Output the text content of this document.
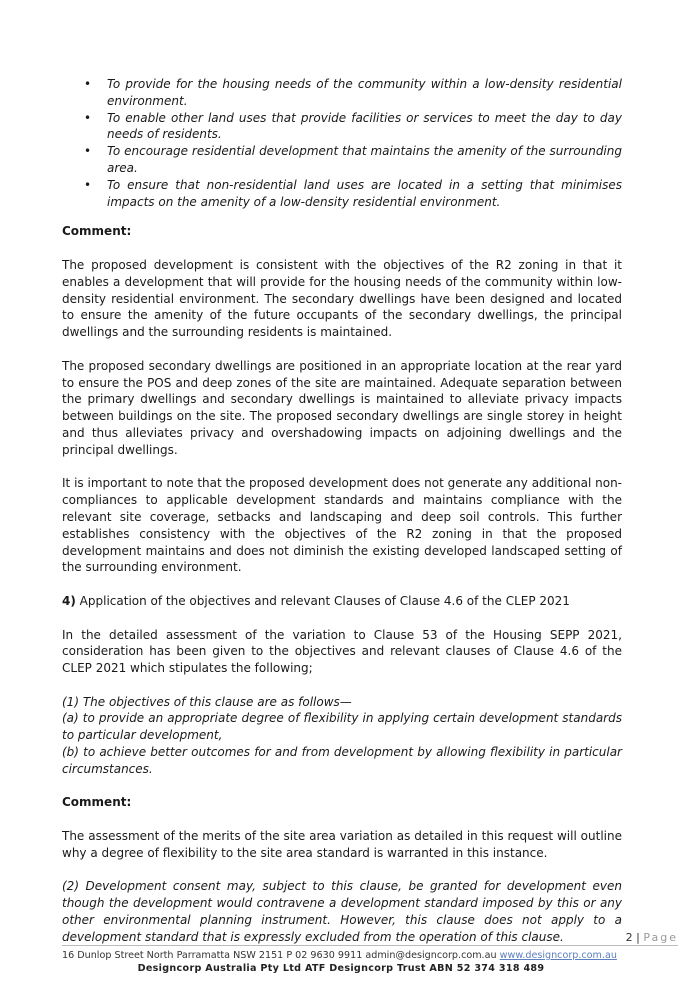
• To provide for the housing needs of the community within a low-density residential environment.
• To enable other land uses that provide facilities or services to meet the day to day needs of residents.
• To encourage residential development that maintains the amenity of the surrounding area.
• To ensure that non-residential land uses are located in a setting that minimises impacts on the amenity of a low-density residential environment.

Comment:

The proposed development is consistent with the objectives of the R2 zoning in that it enables a development that will provide for the housing needs of the community within low-density residential environment. The secondary dwellings have been designed and located to ensure the amenity of the future occupants of the secondary dwellings, the principal dwellings and the surrounding residents is maintained.

The proposed secondary dwellings are positioned in an appropriate location at the rear yard to ensure the POS and deep zones of the site are maintained. Adequate separation between the primary dwellings and secondary dwellings is maintained to alleviate privacy impacts between buildings on the site. The proposed secondary dwellings are single storey in height and thus alleviates privacy and overshadowing impacts on adjoining dwellings and the principal dwellings.

It is important to note that the proposed development does not generate any additional non-compliances to applicable development standards and maintains compliance with the relevant site coverage, setbacks and landscaping and deep soil controls. This further establishes consistency with the objectives of the R2 zoning in that the proposed development maintains and does not diminish the existing developed landscaped setting of the surrounding environment.

4) Application of the objectives and relevant Clauses of Clause 4.6 of the CLEP 2021

In the detailed assessment of the variation to Clause 53 of the Housing SEPP 2021, consideration has been given to the objectives and relevant clauses of Clause 4.6 of the CLEP 2021 which stipulates the following;

(1) The objectives of this clause are as follows—

(a) to provide an appropriate degree of flexibility in applying certain development standards to particular development,

(b) to achieve better outcomes for and from development by allowing flexibility in particular circumstances.

Comment:

The assessment of the merits of the site area variation as detailed in this request will outline why a degree of flexibility to the site area standard is warranted in this instance.

(2) Development consent may, subject to this clause, be granted for development even though the development would contravene a development standard imposed by this or any other environmental planning instrument. However, this clause does not apply to a development standard that is expressly excluded from the operation of this clause.	2 | Page
16 Dunlop Street North Parramatta NSW 2151 P 02 9630 9911 admin@designcorp.com.au www.designcorp.com.au
Designcorp Australia Pty Ltd ATF Designcorp Trust ABN 52 374 318 489
